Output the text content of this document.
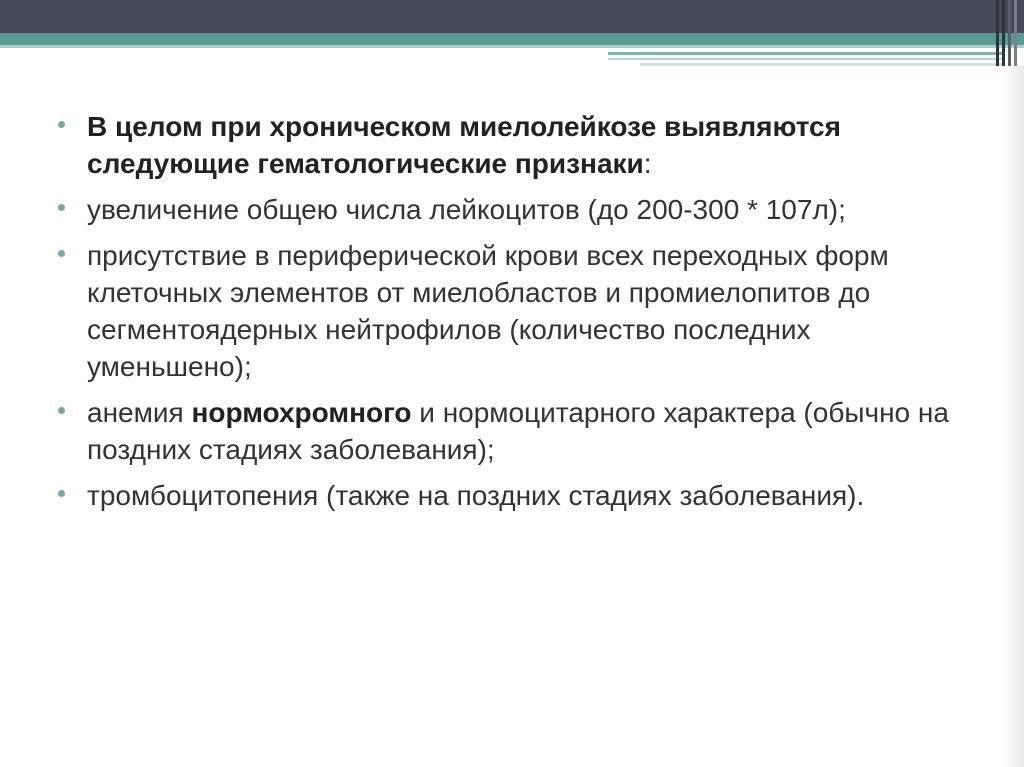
В целом при хроническом миелолейкозе выявляются следующие гематологические признаки:
увеличение общею числа лейкоцитов (до 200-300 * 107л);
присутствие в периферической крови всех переходных форм клеточных элементов от миелобластов и промиелопитов до сегментоядерных нейтрофилов (количество последних уменьшено);
анемия нормохромного и нормоцитарного характера (обычно на поздних стадиях заболевания);
тромбоцитопения (также на поздних стадиях заболевания).
